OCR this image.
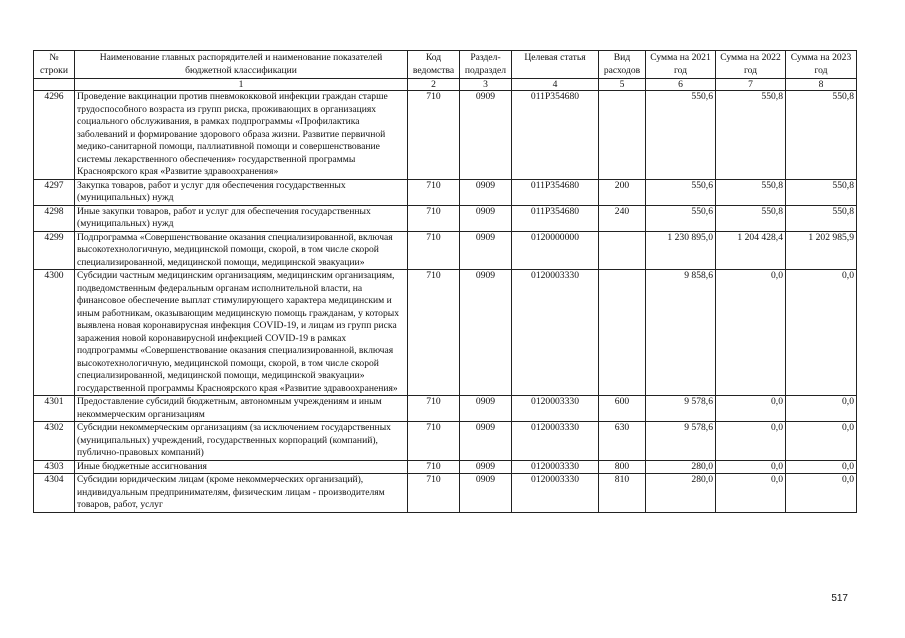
№ строки	Наименование главных распорядителей и наименование показателей бюджетной классификации	Код ведомства	Раздел-подраздел	Целевая статья	Вид расходов	Сумма на 2021 год	Сумма на 2022 год	Сумма на 2023 год
	1	2	3	4	5	6	7	8
4296	Проведение вакцинации против пневмококковой инфекции граждан старше трудоспособного возраста из групп риска, проживающих в организациях социального обслуживания, в рамках подпрограммы «Профилактика заболеваний и формирование здорового образа жизни. Развитие первичной медико-санитарной помощи, паллиативной помощи и совершенствование системы лекарственного обеспечения» государственной программы Красноярского края «Развитие здравоохранения»	710	0909	011P354680		550,6	550,8	550,8
4297	Закупка товаров, работ и услуг для обеспечения государственных (муниципальных) нужд	710	0909	011P354680	200	550,6	550,8	550,8
4298	Иные закупки товаров, работ и услуг для обеспечения государственных (муниципальных) нужд	710	0909	011P354680	240	550,6	550,8	550,8
4299	Подпрограмма «Совершенствование оказания специализированной, включая высокотехнологичную, медицинской помощи, скорой, в том числе скорой специализированной, медицинской помощи, медицинской эвакуации»	710	0909	0120000000		1 230 895,0	1 204 428,4	1 202 985,9
4300	Субсидии частным медицинским организациям, медицинским организациям, подведомственным федеральным органам исполнительной власти, на финансовое обеспечение выплат стимулирующего характера медицинским и иным работникам, оказывающим медицинскую помощь гражданам, у которых выявлена новая коронавирусная инфекция COVID-19, и лицам из групп риска заражения новой коронавирусной инфекцией COVID-19 в рамках подпрограммы «Совершенствование оказания специализированной, включая высокотехнологичную, медицинской помощи, скорой, в том числе скорой специализированной, медицинской помощи, медицинской эвакуации» государственной программы Красноярского края «Развитие здравоохранения»	710	0909	0120003330		9 858,6	0,0	0,0
4301	Предоставление субсидий бюджетным, автономным учреждениям и иным некоммерческим организациям	710	0909	0120003330	600	9 578,6	0,0	0,0
4302	Субсидии некоммерческим организациям (за исключением государственных (муниципальных) учреждений, государственных корпораций (компаний), публично-правовых компаний)	710	0909	0120003330	630	9 578,6	0,0	0,0
4303	Иные бюджетные ассигнования	710	0909	0120003330	800	280,0	0,0	0,0
4304	Субсидии юридическим лицам (кроме некоммерческих организаций), индивидуальным предпринимателям, физическим лицам - производителям товаров, работ, услуг	710	0909	0120003330	810	280,0	0,0	0,0
517
